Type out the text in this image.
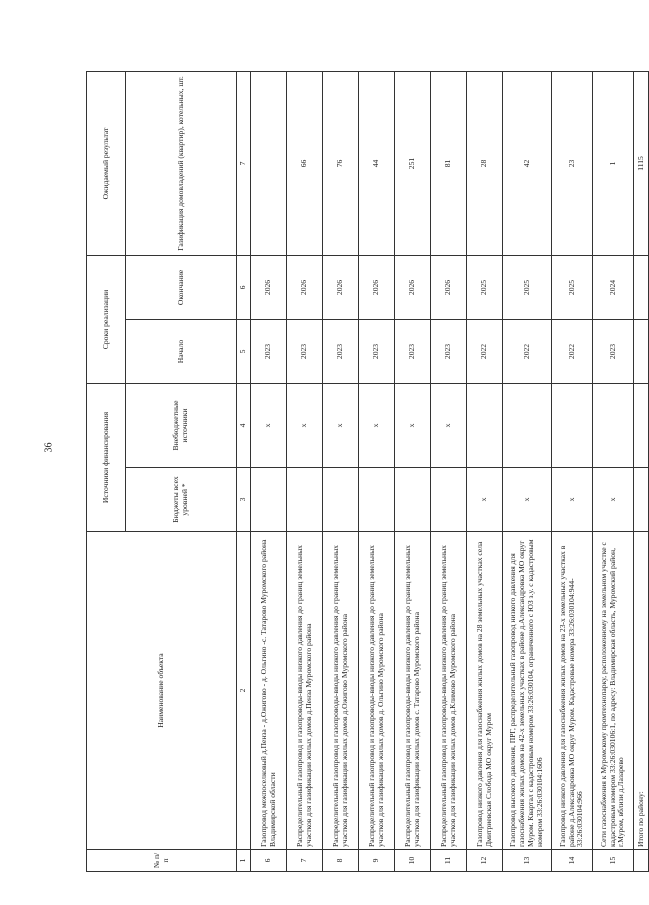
36
№ п/п	Наименование объекта	Источники финансирования		Сроки реализации		Ожидаемый результат
		Бюджеты всех уровней *	Внебюджетные источники	Начало	Окончание	Газификация домовладений (квартир), котельных, шт.
1	2	3	4	5	6	7
6	Газопровод межпоселковый д.Пенза - д.Ожигово - д. Ольгино -с. Татарово Муромского района Владимирской области		х	2023	2026	
7	Распределительный газопровод и газопроводы-вводы низкого давления до границ земельных участков для газификации жилых домов д.Пенза Муромского района		х	2023	2026	66
8	Распределительный газопровод и газопроводы-вводы низкого давления до границ земельных участков для газификации жилых домов д.Ожигово Муромского района		х	2023	2026	76
9	Распределительный газопровод и газопроводы-вводы низкого давления до границ земельных участков для газификации жилых домов д. Ольгино Муромского района		х	2023	2026	44
10	Распределительный газопровод и газопроводы-вводы низкого давления до границ земельных участков для газификации жилых домов с. Татарово Муромского района		х	2023	2026	251
11	Распределительный газопровод и газопроводы-вводы низкого давления до границ земельных участков для газификации жилых домов д.Климово Муромского района		х	2023	2026	81
12	Газопровод низкого давления для газоснабжения жилых домов на 28 земельных участках села Дмитриевская Слобода МО округ Муром	х		2022	2025	28
13	Газопровод высокого давления, ПРГ, распределительный газопровод низкого давления для газоснабжения жилых домов на 42-х земельных участках в районе д.Александровка МО округ Муром. Квартал с кадастровым номером 33:26:030104, ограниченного с ЮЗ з.у. с кадастровым номером 33:26:030104:1606	х		2022	2025	42
14	Газопровод низкого давления для газоснабжения жилых домов на 23-х земельных участках в районе д.Александровка МО округ Муром. Кадастровые номера 33:26:030104:944-33:26:030104:966	х		2022	2025	23
15	Сети газоснабжения к Муромскому промтехнопарку, расположенному на земельном участке с кадастровым номером 33:26:030106:1, по адресу: Владимирская область, Муромский район, г.Муром, вблизи д.Лазарево	х		2023	2024	1
	Итого по району:					1115
